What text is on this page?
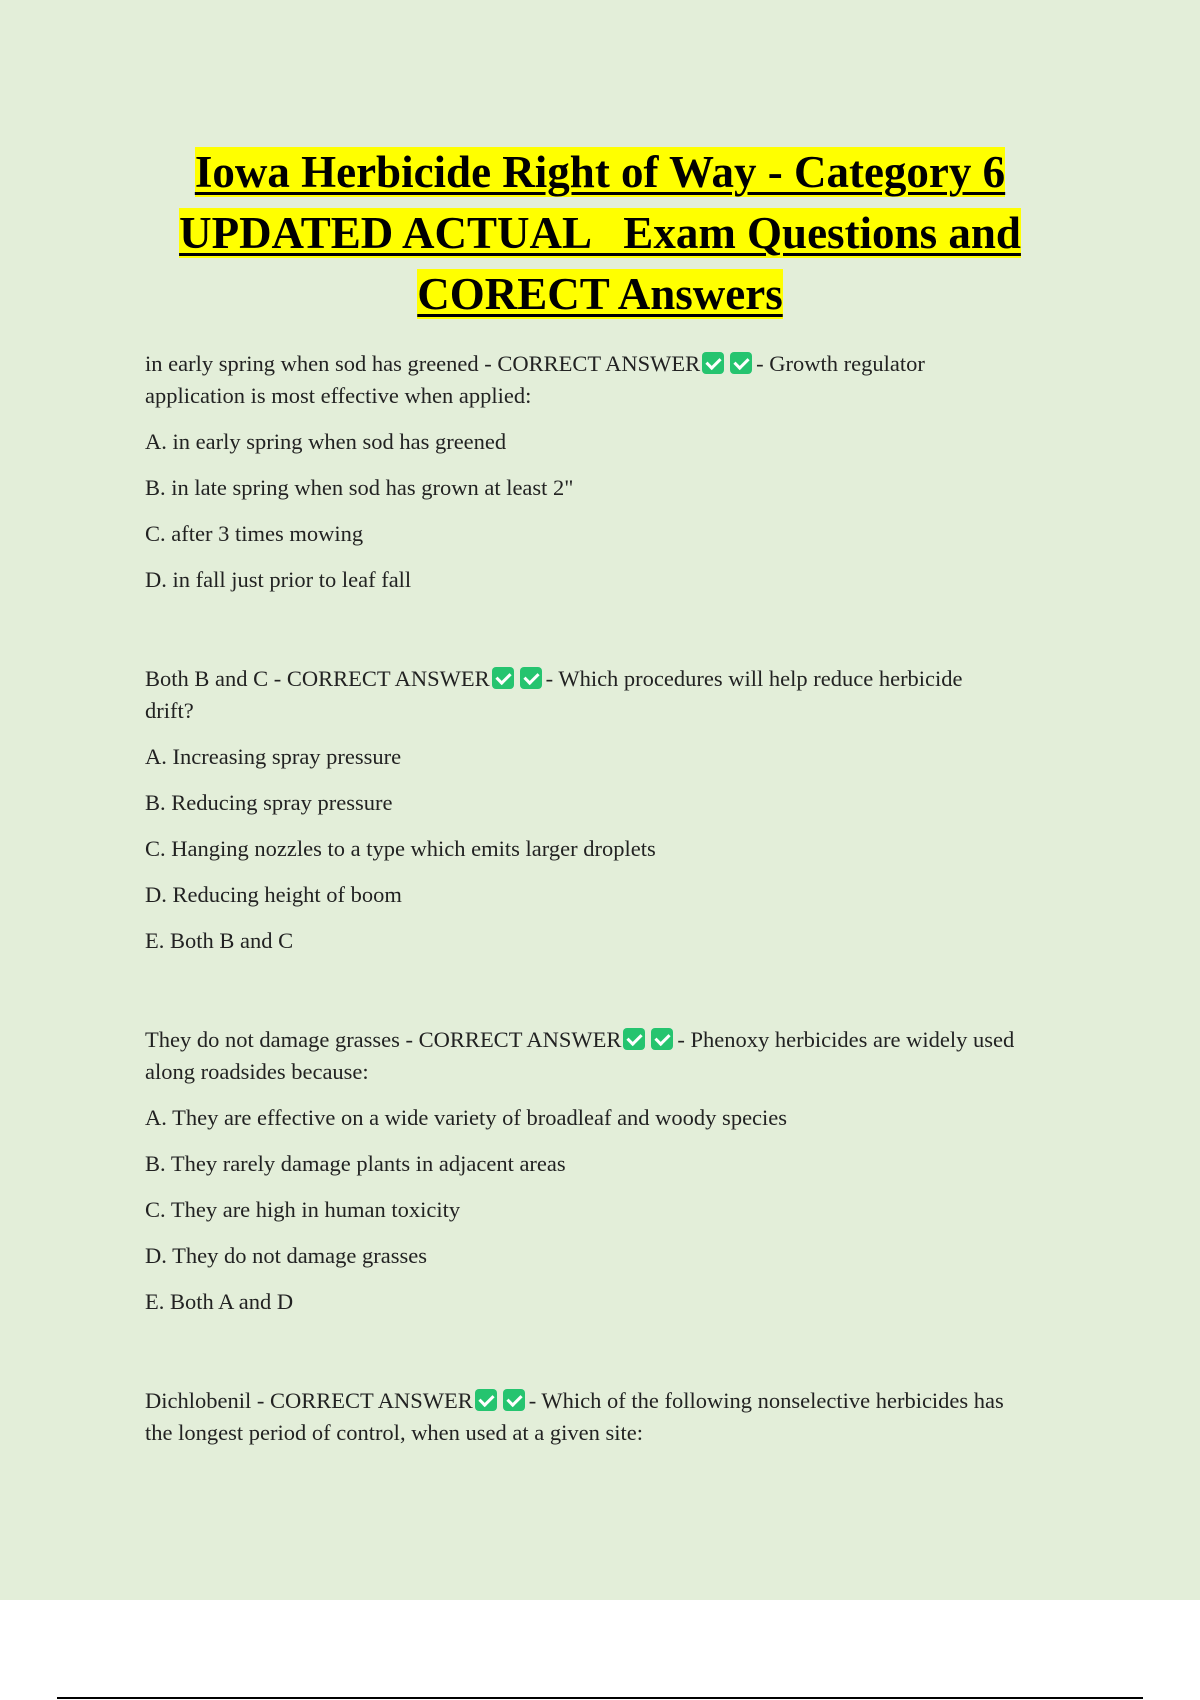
Iowa Herbicide Right of Way - Category 6
UPDATED ACTUAL   Exam Questions and
CORECT Answers

in early spring when sod has greened - CORRECT ANSWER - Growth regulator
application is most effective when applied:

A. in early spring when sod has greened

B. in late spring when sod has grown at least 2"

C. after 3 times mowing

D. in fall just prior to leaf fall

Both B and C - CORRECT ANSWER - Which procedures will help reduce herbicide
drift?

A. Increasing spray pressure

B. Reducing spray pressure

C. Hanging nozzles to a type which emits larger droplets

D. Reducing height of boom

E. Both B and C

They do not damage grasses - CORRECT ANSWER - Phenoxy herbicides are widely used
along roadsides because:

A. They are effective on a wide variety of broadleaf and woody species

B. They rarely damage plants in adjacent areas

C. They are high in human toxicity

D. They do not damage grasses

E. Both A and D

Dichlobenil - CORRECT ANSWER - Which of the following nonselective herbicides has
the longest period of control, when used at a given site:
